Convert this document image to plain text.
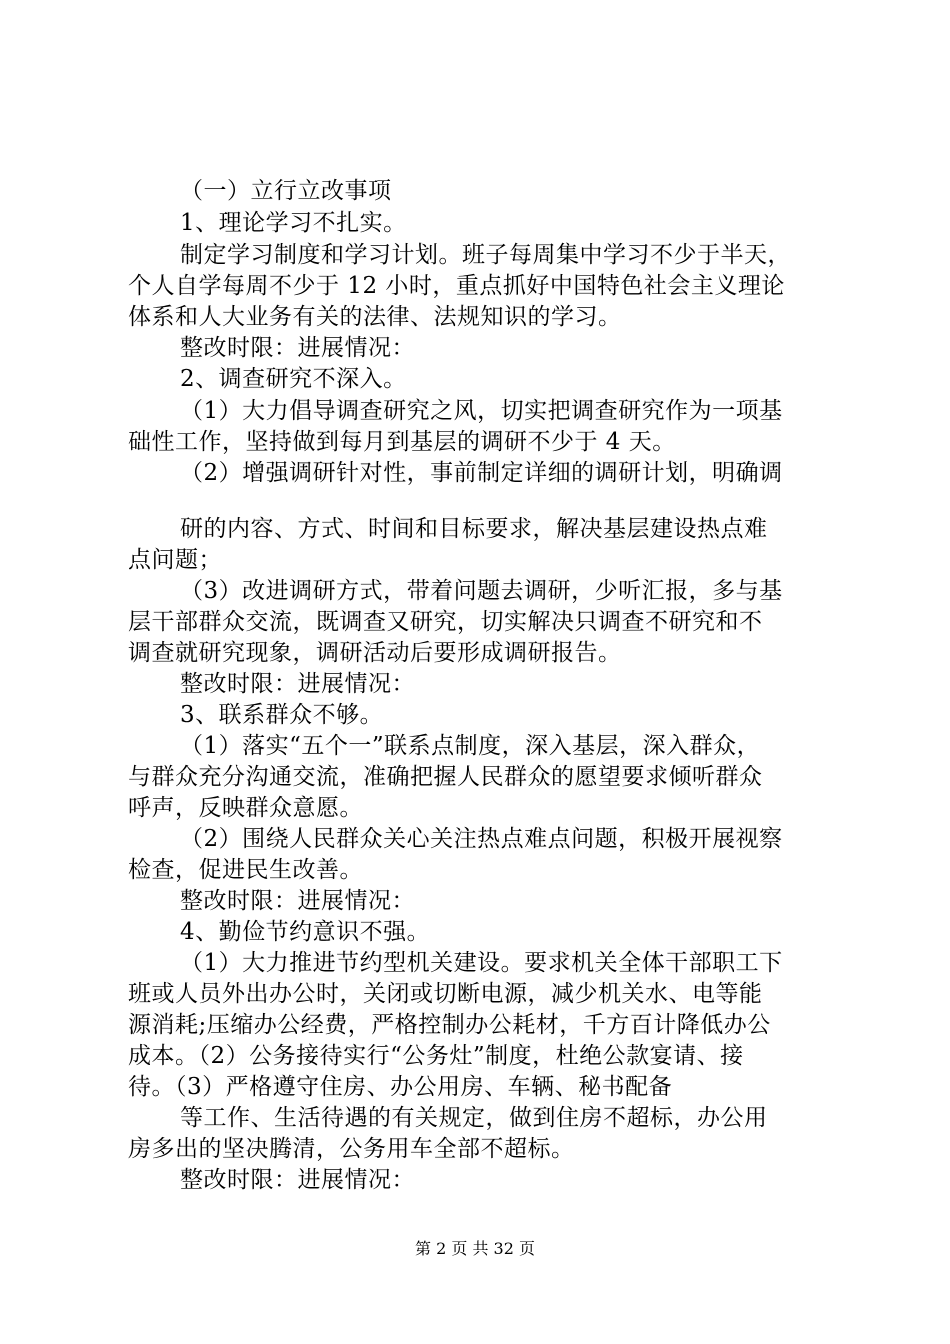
（一）立行立改事项
1、理论学习不扎实。
制定学习制度和学习计划。班子每周集中学习不少于半天，
个人自学每周不少于 12 小时，重点抓好中国特色社会主义理论
体系和人大业务有关的法律、法规知识的学习。
整改时限：进展情况：
2、调查研究不深入。
（1）大力倡导调查研究之风，切实把调查研究作为一项基
础性工作，坚持做到每月到基层的调研不少于 4 天。
（2）增强调研针对性，事前制定详细的调研计划，明确调
研的内容、方式、时间和目标要求，解决基层建设热点难
点问题；
（3）改进调研方式，带着问题去调研，少听汇报，多与基
层干部群众交流，既调查又研究，切实解决只调查不研究和不
调查就研究现象，调研活动后要形成调研报告。
整改时限：进展情况：
3、联系群众不够。
（1）落实“五个一”联系点制度，深入基层，深入群众，
与群众充分沟通交流，准确把握人民群众的愿望要求倾听群众
呼声，反映群众意愿。
（2）围绕人民群众关心关注热点难点问题，积极开展视察
检查，促进民生改善。
整改时限：进展情况：
4、勤俭节约意识不强。
（1）大力推进节约型机关建设。要求机关全体干部职工下
班或人员外出办公时，关闭或切断电源，减少机关水、电等能
源消耗;压缩办公经费，严格控制办公耗材，千方百计降低办公
成本。（2）公务接待实行“公务灶”制度，杜绝公款宴请、接
待。（3）严格遵守住房、办公用房、车辆、秘书配备
等工作、生活待遇的有关规定，做到住房不超标，办公用
房多出的坚决腾清，公务用车全部不超标。
整改时限：进展情况：
第 2 页 共 32 页
